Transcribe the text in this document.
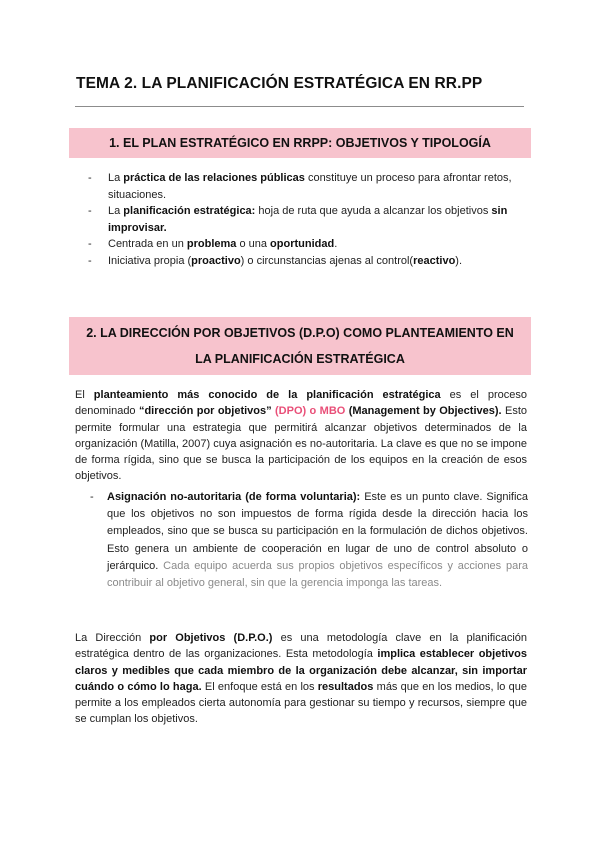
TEMA 2. LA PLANIFICACIÓN ESTRATÉGICA EN RR.PP
1. EL PLAN ESTRATÉGICO EN RRPP: OBJETIVOS Y TIPOLOGÍA
- La práctica de las relaciones públicas constituye un proceso para afrontar retos, situaciones.
- La planificación estratégica: hoja de ruta que ayuda a alcanzar los objetivos sin improvisar.
- Centrada en un problema o una oportunidad.
- Iniciativa propia (proactivo) o circunstancias ajenas al control(reactivo).
2. LA DIRECCIÓN POR OBJETIVOS (D.P.O) COMO PLANTEAMIENTO EN
LA PLANIFICACIÓN ESTRATÉGICA

El planteamiento más conocido de la planificación estratégica es el proceso denominado “dirección por objetivos” (DPO) o MBO (Management by Objectives). Esto permite formular una estrategia que permitirá alcanzar objetivos determinados de la organización (Matilla, 2007) cuya asignación es no-autoritaria. La clave es que no se impone de forma rígida, sino que se busca la participación de los equipos en la creación de esos objetivos.

- Asignación no-autoritaria (de forma voluntaria): Este es un punto clave. Significa que los objetivos no son impuestos de forma rígida desde la dirección hacia los empleados, sino que se busca su participación en la formulación de dichos objetivos. Esto genera un ambiente de cooperación en lugar de uno de control absoluto o jerárquico. Cada equipo acuerda sus propios objetivos específicos y acciones para contribuir al objetivo general, sin que la gerencia imponga las tareas.

La Dirección por Objetivos (D.P.O.) es una metodología clave en la planificación estratégica dentro de las organizaciones. Esta metodología implica establecer objetivos claros y medibles que cada miembro de la organización debe alcanzar, sin importar cuándo o cómo lo haga. El enfoque está en los resultados más que en los medios, lo que permite a los empleados cierta autonomía para gestionar su tiempo y recursos, siempre que se cumplan los objetivos.
